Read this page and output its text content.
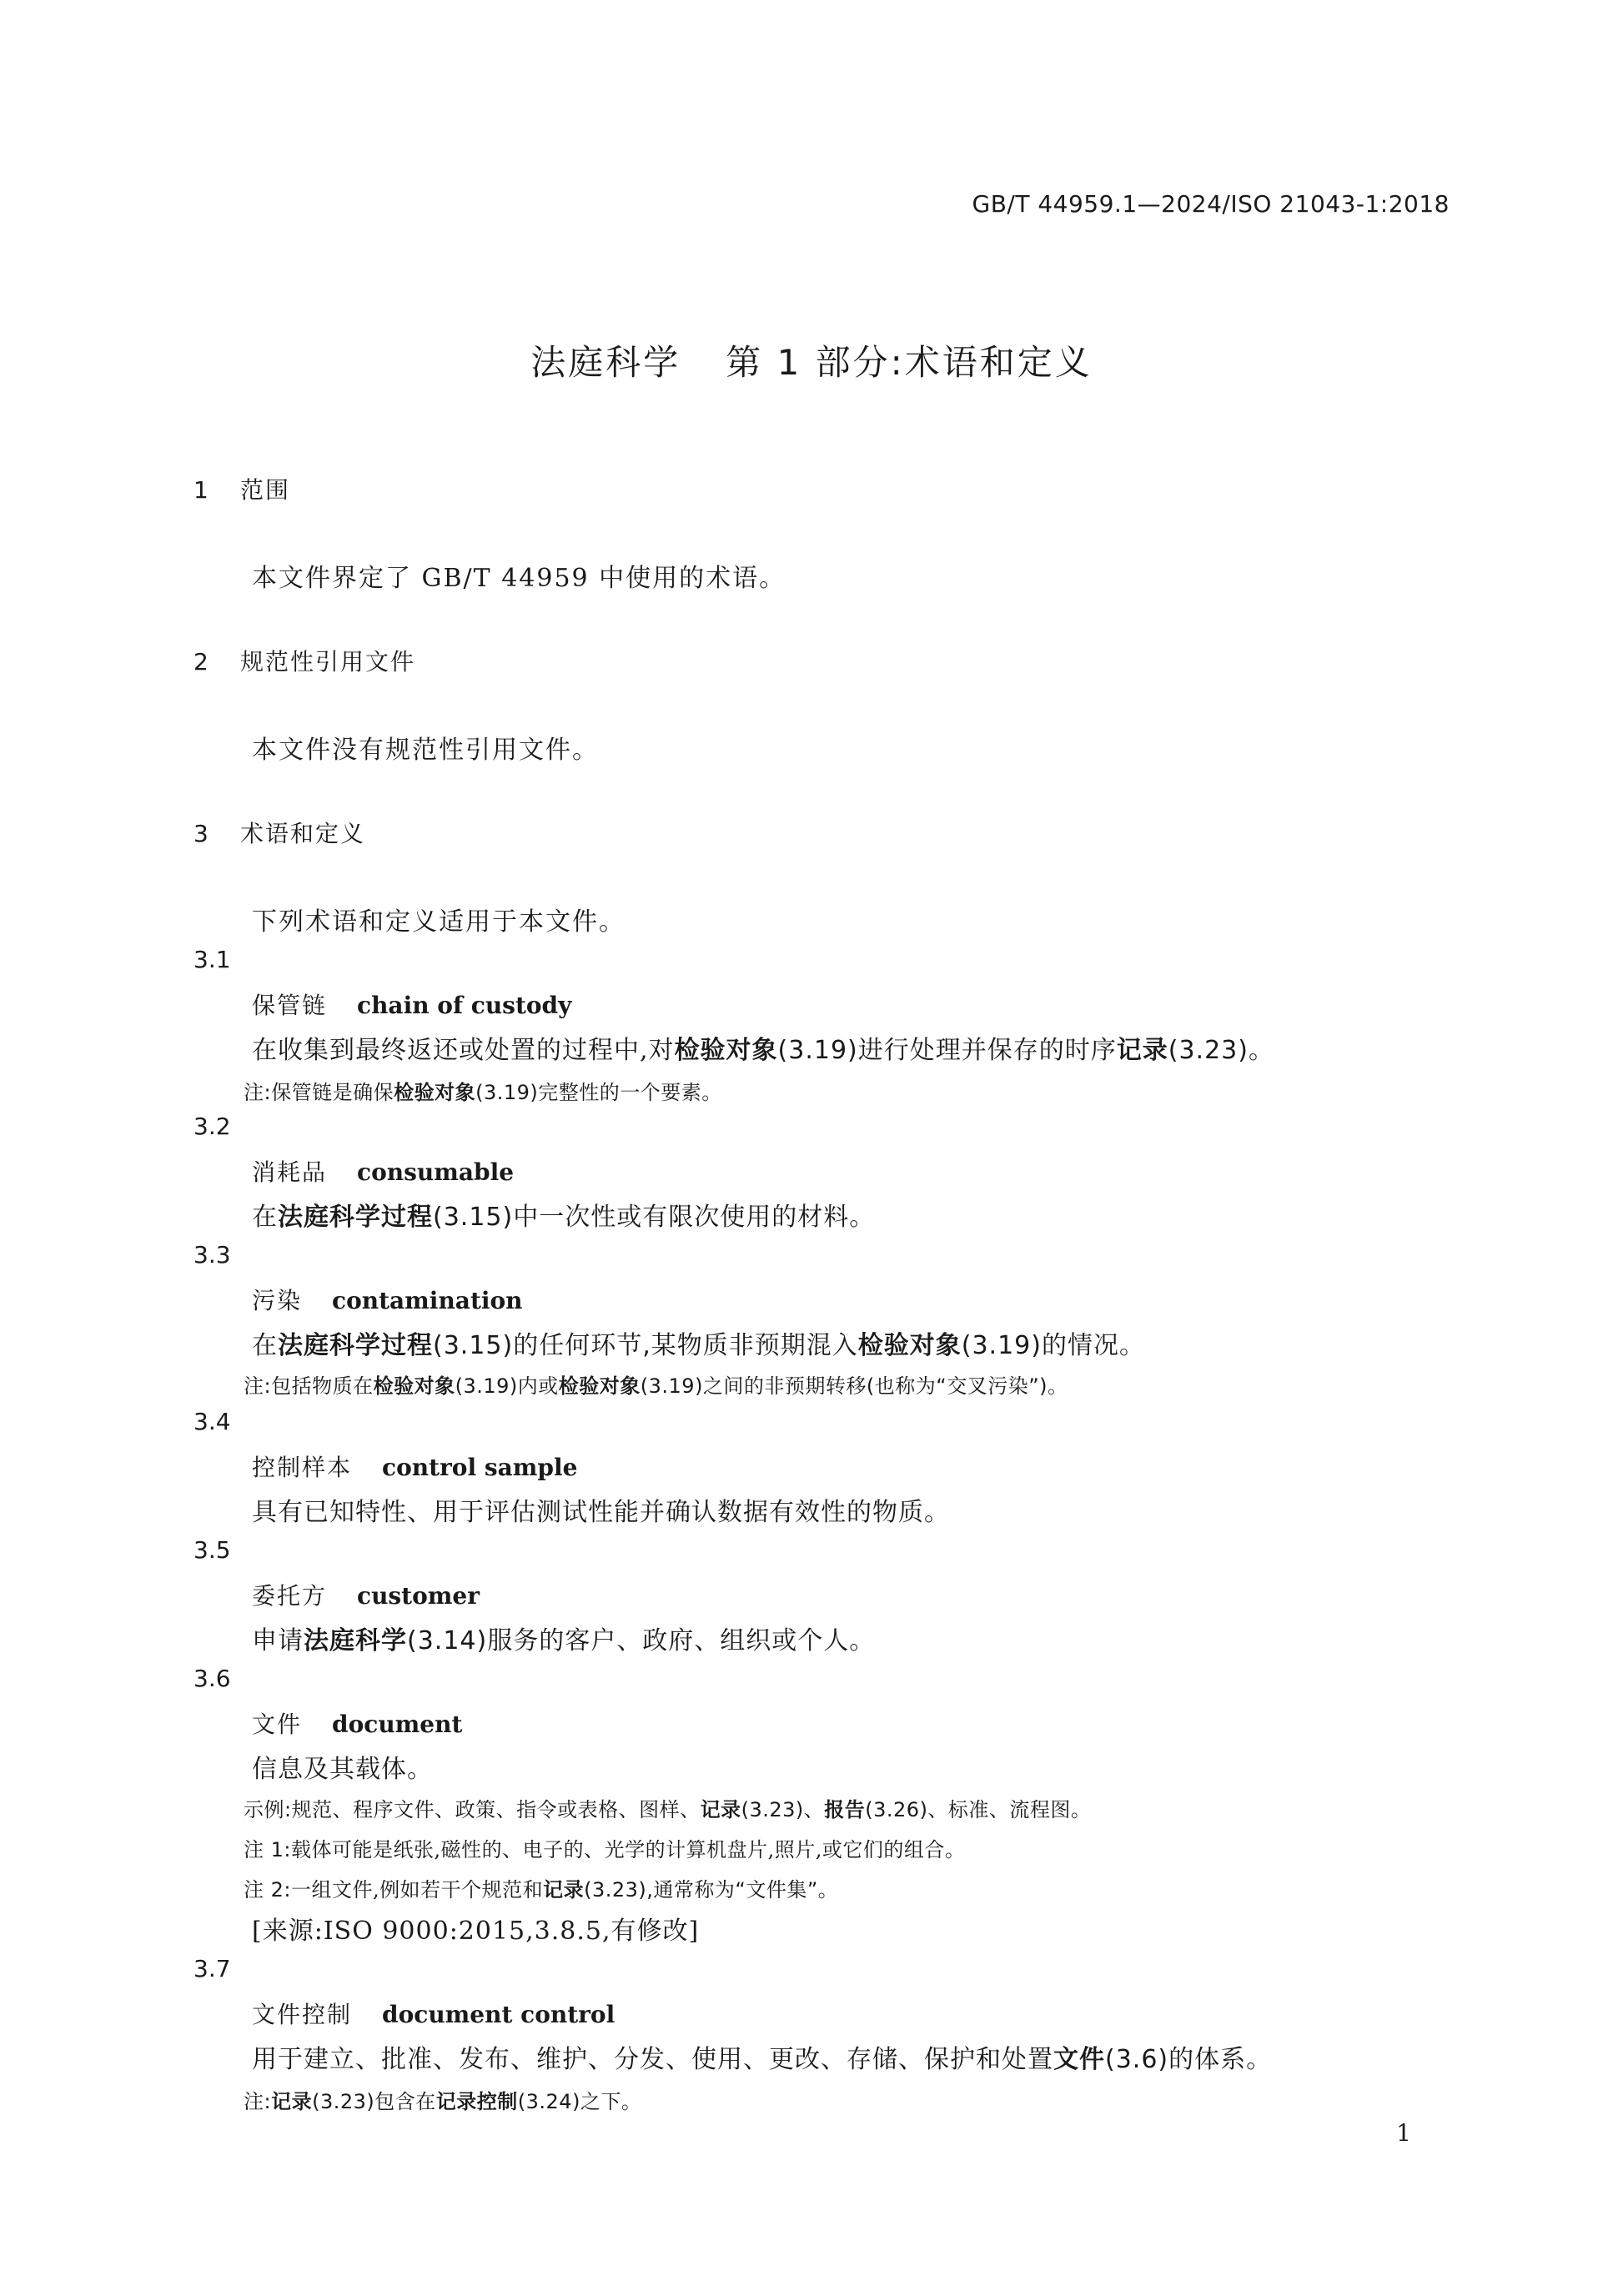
GB/T 44959.1—2024/ISO 21043-1:2018
法庭科学 第 1 部分:术语和定义
1 范围
本文件界定了 GB/T 44959 中使用的术语。
2 规范性引用文件
本文件没有规范性引用文件。
3 术语和定义
下列术语和定义适用于本文件。
3.1
保管链 chain of custody
在收集到最终返还或处置的过程中,对检验对象(3.19)进行处理并保存的时序记录(3.23)。
注:保管链是确保检验对象(3.19)完整性的一个要素。
3.2
消耗品 consumable
在法庭科学过程(3.15)中一次性或有限次使用的材料。
3.3
污染 contamination
在法庭科学过程(3.15)的任何环节,某物质非预期混入检验对象(3.19)的情况。
注:包括物质在检验对象(3.19)内或检验对象(3.19)之间的非预期转移(也称为“交叉污染”)。
3.4
控制样本 control sample
具有已知特性、用于评估测试性能并确认数据有效性的物质。
3.5
委托方 customer
申请法庭科学(3.14)服务的客户、政府、组织或个人。
3.6
文件 document
信息及其载体。
示例:规范、程序文件、政策、指令或表格、图样、记录(3.23)、报告(3.26)、标准、流程图。
注 1:载体可能是纸张,磁性的、电子的、光学的计算机盘片,照片,或它们的组合。
注 2:一组文件,例如若干个规范和记录(3.23),通常称为“文件集”。
[来源:ISO 9000:2015,3.8.5,有修改]
3.7
文件控制 document control
用于建立、批准、发布、维护、分发、使用、更改、存储、保护和处置文件(3.6)的体系。
注:记录(3.23)包含在记录控制(3.24)之下。
1
